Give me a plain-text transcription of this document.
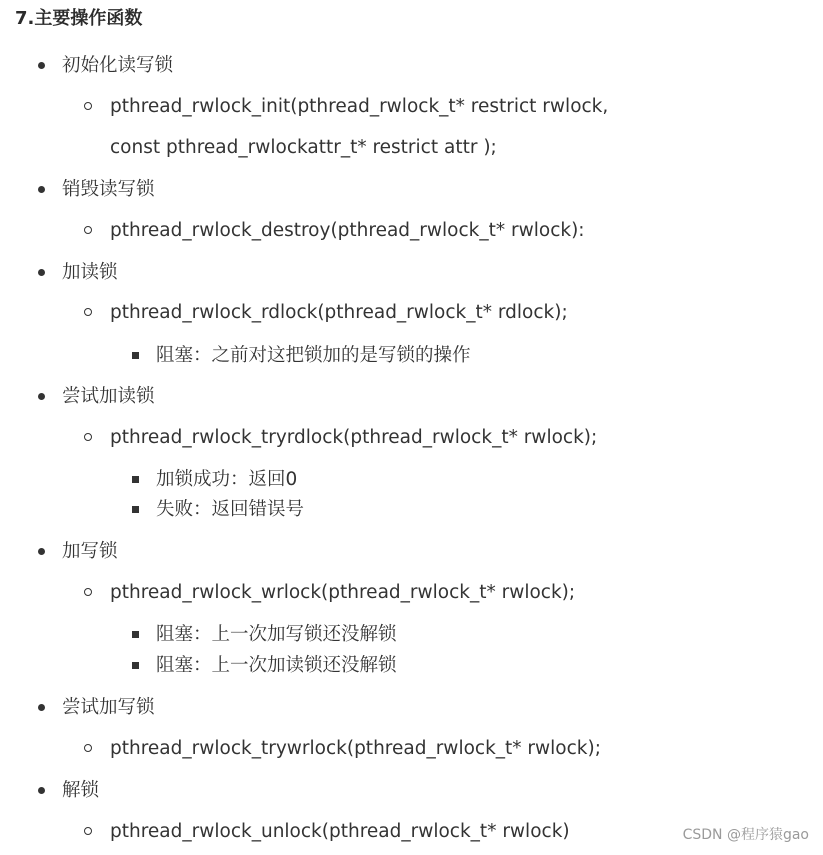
7.主要操作函数
初始化读写锁
pthread_rwlock_init(pthread_rwlock_t* restrict rwlock,
const pthread_rwlockattr_t* restrict attr );
销毁读写锁
pthread_rwlock_destroy(pthread_rwlock_t* rwlock):
加读锁
pthread_rwlock_rdlock(pthread_rwlock_t* rdlock);
阻塞：之前对这把锁加的是写锁的操作
尝试加读锁
pthread_rwlock_tryrdlock(pthread_rwlock_t* rwlock);
加锁成功：返回0
失败：返回错误号
加写锁
pthread_rwlock_wrlock(pthread_rwlock_t* rwlock);
阻塞：上一次加写锁还没解锁
阻塞：上一次加读锁还没解锁
尝试加写锁
pthread_rwlock_trywrlock(pthread_rwlock_t* rwlock);
解锁
pthread_rwlock_unlock(pthread_rwlock_t* rwlock)	CSDN @程序猿gao
